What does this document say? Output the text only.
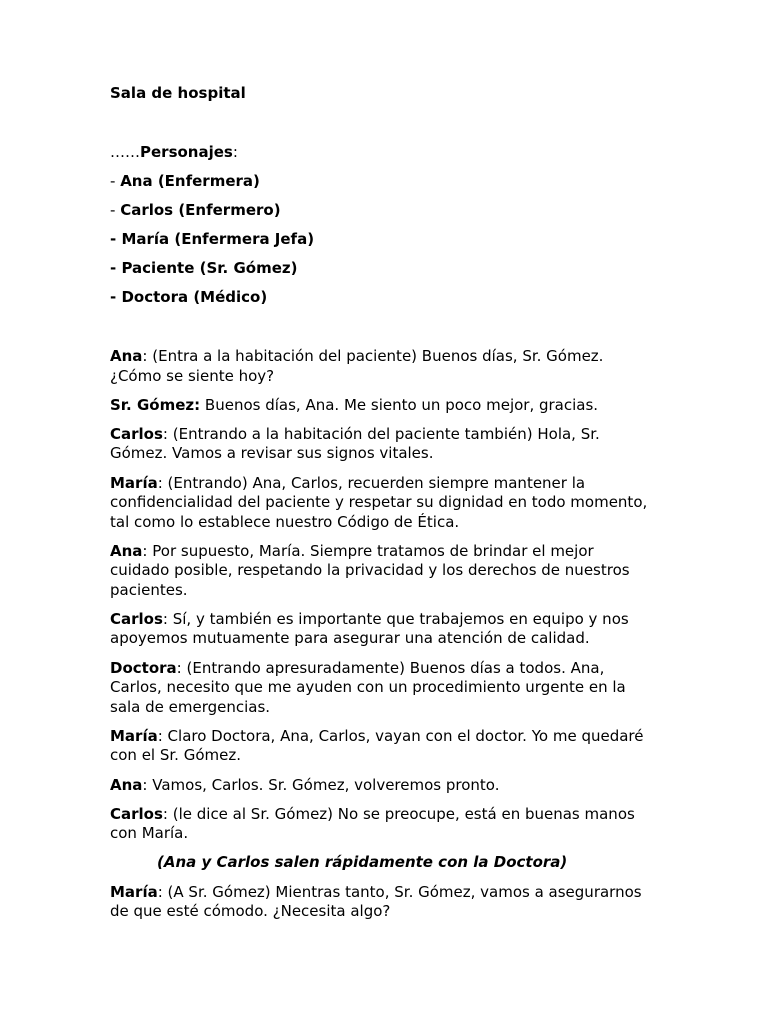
Sala de hospital

……Personajes:

- Ana (Enfermera)
- Carlos (Enfermero)
- María (Enfermera Jefa)
- Paciente (Sr. Gómez)
- Doctora (Médico)

Ana: (Entra a la habitación del paciente) Buenos días, Sr. Gómez. ¿Cómo se siente hoy?

Sr. Gómez: Buenos días, Ana. Me siento un poco mejor, gracias.

Carlos: (Entrando a la habitación del paciente también) Hola, Sr. Gómez. Vamos a revisar sus signos vitales.

María: (Entrando) Ana, Carlos, recuerden siempre mantener la confidencialidad del paciente y respetar su dignidad en todo momento, tal como lo establece nuestro Código de Ética.

Ana: Por supuesto, María. Siempre tratamos de brindar el mejor cuidado posible, respetando la privacidad y los derechos de nuestros pacientes.

Carlos: Sí, y también es importante que trabajemos en equipo y nos apoyemos mutuamente para asegurar una atención de calidad.

Doctora: (Entrando apresuradamente) Buenos días a todos. Ana, Carlos, necesito que me ayuden con un procedimiento urgente en la sala de emergencias.

María: Claro Doctora, Ana, Carlos, vayan con el doctor. Yo me quedaré con el Sr. Gómez.

Ana: Vamos, Carlos. Sr. Gómez, volveremos pronto.

Carlos: (le dice al Sr. Gómez) No se preocupe, está en buenas manos con María.

(Ana y Carlos salen rápidamente con la Doctora)

María: (A Sr. Gómez) Mientras tanto, Sr. Gómez, vamos a asegurarnos de que esté cómodo. ¿Necesita algo?
